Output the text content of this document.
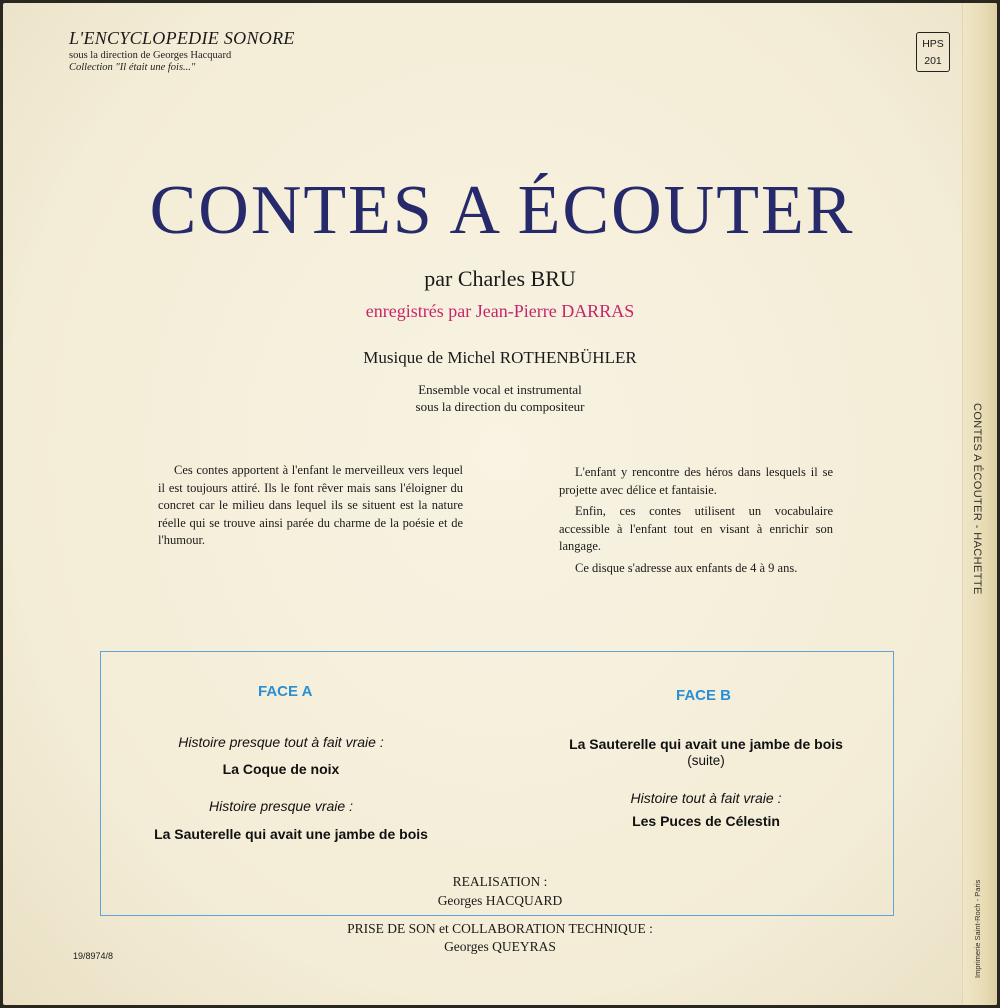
L'ENCYCLOPEDIE SONORE
sous la direction de Georges Hacquard
Collection "Il était une fois..."
HPS
201
CONTES A ÉCOUTER
par Charles BRU
enregistrés par Jean-Pierre DARRAS
Musique de Michel ROTHENBÜHLER
Ensemble vocal et instrumental
sous la direction du compositeur

Ces contes apportent à l'enfant le merveilleux vers lequel il est toujours attiré. Ils le font rêver mais sans l'éloigner du concret car le milieu dans lequel ils se situent est la nature réelle qui se trouve ainsi parée du charme de la poésie et de l'humour.

L'enfant y rencontre des héros dans lesquels il se projette avec délice et fantaisie.

Enfin, ces contes utilisent un vocabulaire accessible à l'enfant tout en visant à enrichir son langage.

Ce disque s'adresse aux enfants de 4 à 9 ans.

FACE A
Histoire presque tout à fait vraie :
La Coque de noix
Histoire presque vraie :
La Sauterelle qui avait une jambe de bois
FACE B
La Sauterelle qui avait une jambe de bois
(suite)
Histoire tout à fait vraie :
Les Puces de Célestin
REALISATION :
Georges HACQUARD
PRISE DE SON et COLLABORATION TECHNIQUE :
Georges QUEYRAS
19/8974/8
CONTES A ÉCOUTER - HACHETTE
Imprimerie Saint-Roch - Paris
